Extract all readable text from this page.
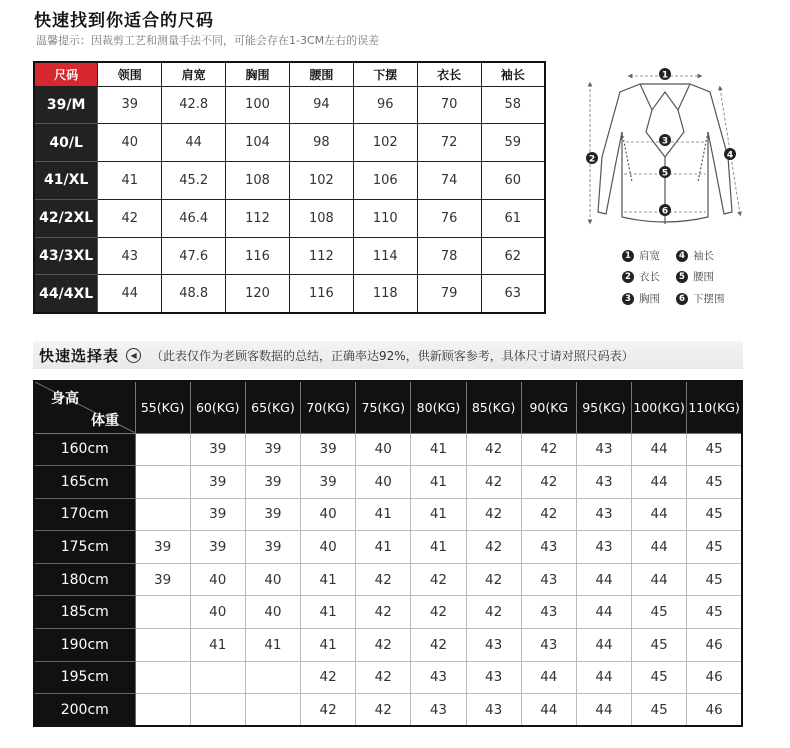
快速找到你适合的尺码
温馨提示：因裁剪工艺和测量手法不同，可能会存在1-3CM左右的误差
尺码	领围	肩宽	胸围	腰围	下摆	衣长	袖长
39/M	39	42.8	100	94	96	70	58
40/L	40	44	104	98	102	72	59
41/XL	41	45.2	108	102	106	74	60
42/2XL	42	46.4	112	108	110	76	61
43/3XL	43	47.6	116	112	114	78	62
44/4XL	44	48.8	120	116	118	79	63
1
2
3
4
5
6
1 肩宽	4 袖长
2 衣长	5 腰围
3 胸围	6 下摆围
快速选择表	◀	（此表仅作为老顾客数据的总结，正确率达92%，供新顾客参考，具体尺寸请对照尺码表）
身高
体重	55(KG)	60(KG)	65(KG)	70(KG)	75(KG)	80(KG)	85(KG)	90(KG	95(KG)	100(KG)	110(KG)
160cm		39	39	39	40	41	42	42	43	44	45
165cm		39	39	39	40	41	42	42	43	44	45
170cm		39	39	40	41	41	42	42	43	44	45
175cm	39	39	39	40	41	41	42	43	43	44	45
180cm	39	40	40	41	42	42	42	43	44	44	45
185cm		40	40	41	42	42	42	43	44	45	45
190cm		41	41	41	42	42	43	43	44	45	46
195cm				42	42	43	43	44	44	45	46
200cm				42	42	43	43	44	44	45	46
